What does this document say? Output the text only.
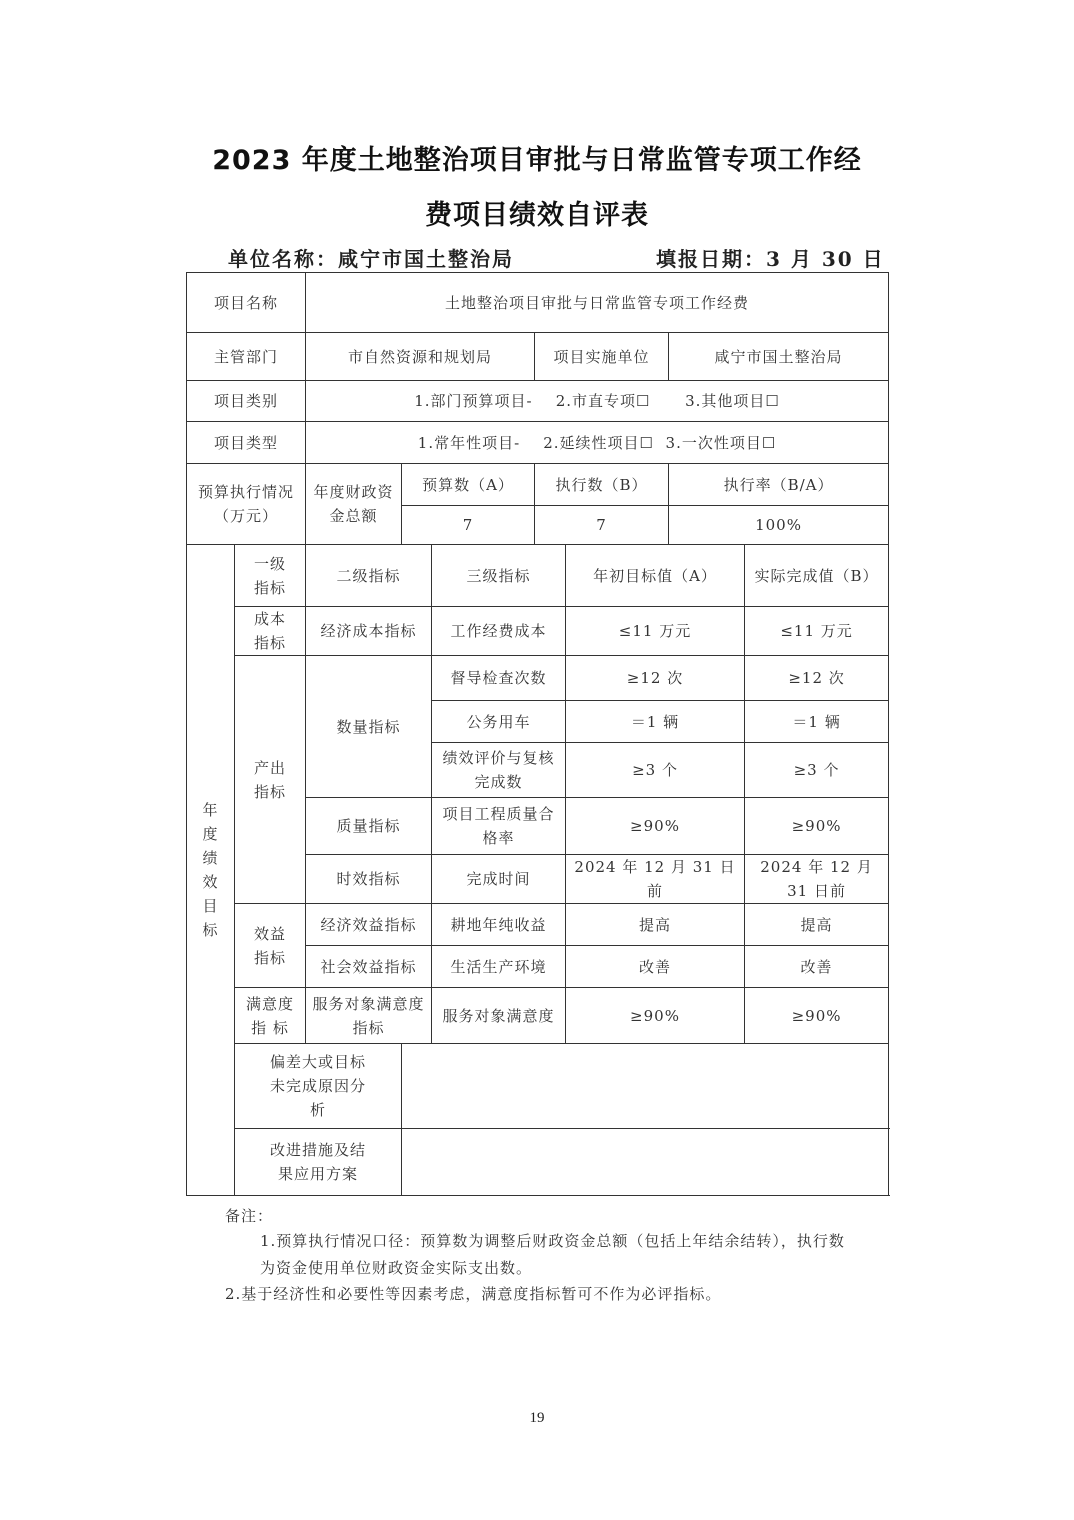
2023 年度土地整治项目审批与日常监管专项工作经
费项目绩效自评表
单位名称：咸宁市国土整治局	填报日期：3 月 30 日
项目名称		土地整治项目审批与日常监管专项工作经费						
主管部门		市自然资源和规划局			项目实施单位		咸宁市国土整治局	
项目类别		1.部门预算项目-    2.市直专项☐      3.其他项目☐						
项目类型		1.常年性项目-    2.延续性项目☐  3.一次性项目☐						
预算执行情况（万元）		年度财政资金总额	预算数（A）		执行数（B）		执行率（B/A）	
			7		7		100%	
年度绩效目标	一级指标	二级指标		三级指标		年初目标值（A）		实际完成值（B）
	成本指标	经济成本指标		工作经费成本		≤11 万元		≤11 万元
	产出指标	数量指标		督导检查次数		≥12 次		≥12 次
				公务用车		＝1 辆		＝1 辆
				绩效评价与复核完成数		≥3 个		≥3 个
		质量指标		项目工程质量合格率		≥90%		≥90%
		时效指标		完成时间		2024 年 12 月 31 日前		2024 年 12 月 31 日前
	效益指标	经济效益指标		耕地年纯收益		提高		提高
		社会效益指标		生活生产环境		改善		改善
	满意度指 标	服务对象满意度指标		服务对象满意度		≥90%		≥90%
	偏差大或目标未完成原因分析							
	改进措施及结果应用方案							
备注：
1.预算执行情况口径：预算数为调整后财政资金总额（包括上年结余结转），执行数为资金使用单位财政资金实际支出数。
2.基于经济性和必要性等因素考虑，满意度指标暂可不作为必评指标。
19
